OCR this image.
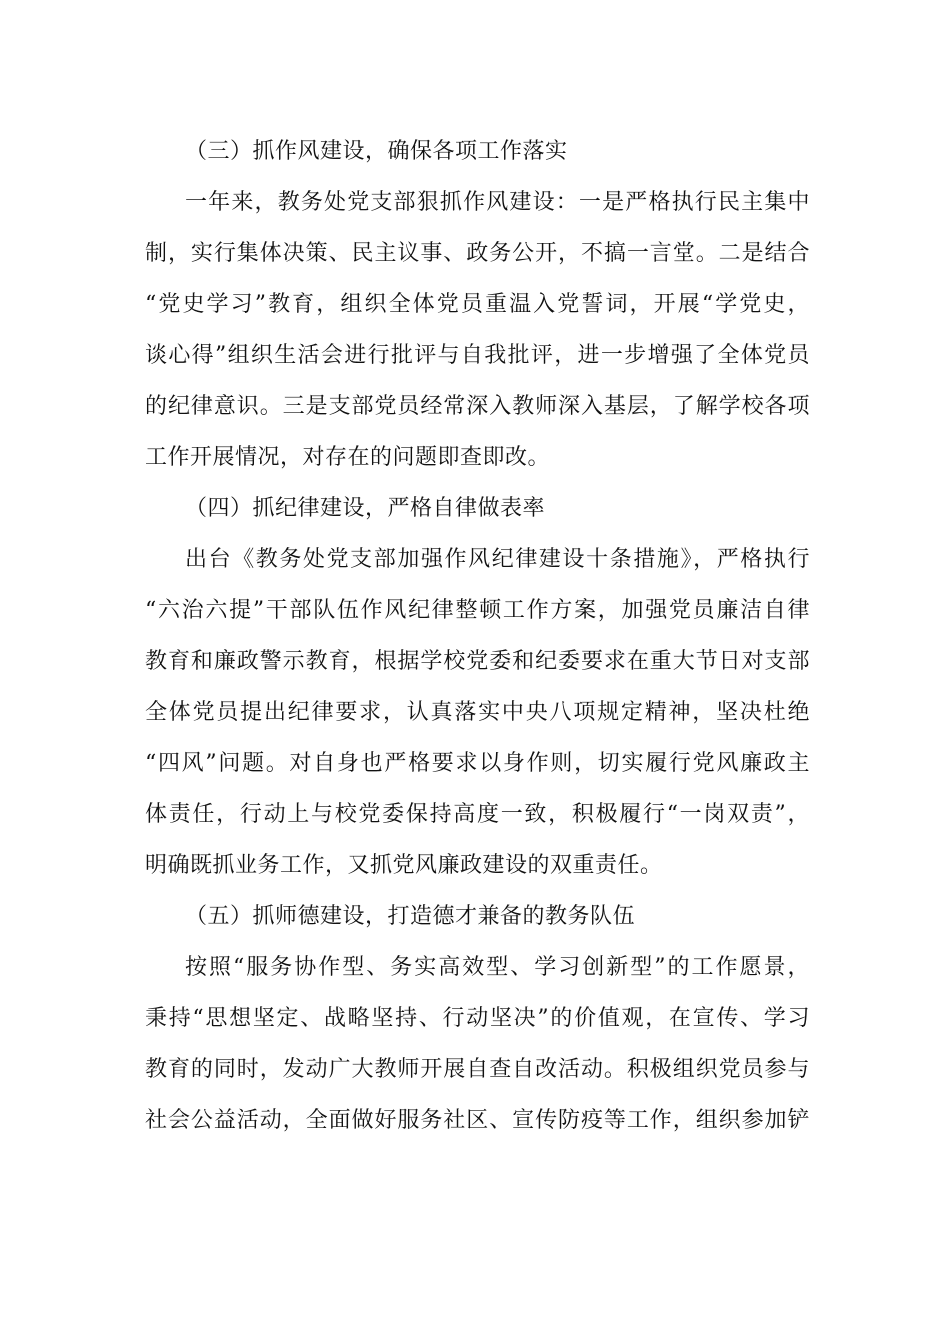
（三）抓作风建设，确保各项工作落实
一年来，教务处党支部狠抓作风建设：一是严格执行民主集中
制，实行集体决策、民主议事、政务公开，不搞一言堂。二是结合
“党史学习”教育，组织全体党员重温入党誓词，开展“学党史，
谈心得”组织生活会进行批评与自我批评，进一步增强了全体党员
的纪律意识。三是支部党员经常深入教师深入基层，了解学校各项
工作开展情况，对存在的问题即查即改。
（四）抓纪律建设，严格自律做表率
出台《教务处党支部加强作风纪律建设十条措施》，严格执行
“六治六提”干部队伍作风纪律整顿工作方案，加强党员廉洁自律
教育和廉政警示教育，根据学校党委和纪委要求在重大节日对支部
全体党员提出纪律要求，认真落实中央八项规定精神，坚决杜绝
“四风”问题。对自身也严格要求以身作则，切实履行党风廉政主
体责任，行动上与校党委保持高度一致，积极履行“一岗双责”，
明确既抓业务工作，又抓党风廉政建设的双重责任。
（五）抓师德建设，打造德才兼备的教务队伍
按照“服务协作型、务实高效型、学习创新型”的工作愿景，
秉持“思想坚定、战略坚持、行动坚决”的价值观，在宣传、学习
教育的同时，发动广大教师开展自查自改活动。积极组织党员参与
社会公益活动，全面做好服务社区、宣传防疫等工作，组织参加铲
